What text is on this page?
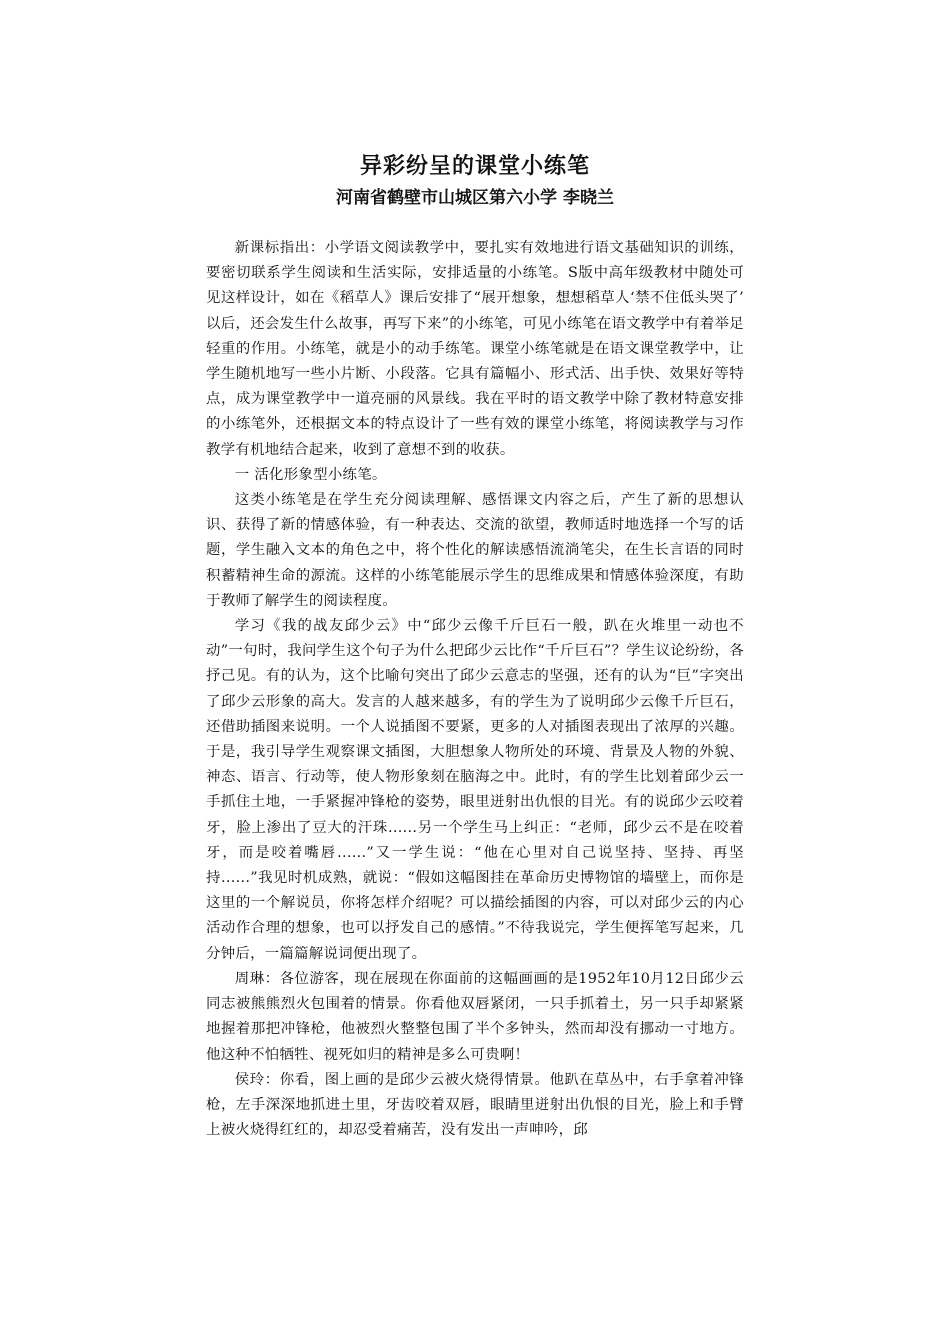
异彩纷呈的课堂小练笔
河南省鹤壁市山城区第六小学 李晓兰

新课标指出：小学语文阅读教学中，要扎实有效地进行语文基础知识的训练，要密切联系学生阅读和生活实际，安排适量的小练笔。S版中高年级教材中随处可见这样设计，如在《稻草人》课后安排了“展开想象，想想稻草人‘禁不住低头哭了’　以后，还会发生什么故事，再写下来”的小练笔，可见小练笔在语文教学中有着举足轻重的作用。小练笔，就是小的动手练笔。课堂小练笔就是在语文课堂教学中，让学生随机地写一些小片断、小段落。它具有篇幅小、形式活、出手快、效果好等特点，成为课堂教学中一道亮丽的风景线。我在平时的语文教学中除了教材特意安排的小练笔外，还根据文本的特点设计了一些有效的课堂小练笔，将阅读教学与习作教学有机地结合起来，收到了意想不到的收获。

一 活化形象型小练笔。

这类小练笔是在学生充分阅读理解、感悟课文内容之后，产生了新的思想认识、获得了新的情感体验，有一种表达、交流的欲望，教师适时地选择一个写的话题，学生融入文本的角色之中，将个性化的解读感悟流淌笔尖，在生长言语的同时积蓄精神生命的源流。这样的小练笔能展示学生的思维成果和情感体验深度，有助于教师了解学生的阅读程度。

学习《我的战友邱少云》中“邱少云像千斤巨石一般，趴在火堆里一动也不动”一句时，我问学生这个句子为什么把邱少云比作“千斤巨石”？学生议论纷纷，各抒己见。有的认为，这个比喻句突出了邱少云意志的坚强，还有的认为“巨”字突出了邱少云形象的高大。发言的人越来越多，有的学生为了说明邱少云像千斤巨石，还借助插图来说明。一个人说插图不要紧，更多的人对插图表现出了浓厚的兴趣。于是，我引导学生观察课文插图，大胆想象人物所处的环境、背景及人物的外貌、神态、语言、行动等，使人物形象刻在脑海之中。此时，有的学生比划着邱少云一手抓住土地，一手紧握冲锋枪的姿势，眼里迸射出仇恨的目光。有的说邱少云咬着牙，脸上渗出了豆大的汗珠......另一个学生马上纠正：“老师，邱少云不是在咬着牙，而是咬着嘴唇......”又一学生说：“他在心里对自己说坚持、坚持、再坚持......”我见时机成熟，就说：“假如这幅图挂在革命历史博物馆的墙壁上，而你是这里的一个解说员，你将怎样介绍呢？可以描绘插图的内容，可以对邱少云的内心活动作合理的想象，也可以抒发自己的感情。”不待我说完，学生便挥笔写起来，几分钟后，一篇篇解说词便出现了。

周琳：各位游客，现在展现在你面前的这幅画画的是1952年10月12日邱少云同志被熊熊烈火包围着的情景。你看他双唇紧闭，一只手抓着土，另一只手却紧紧地握着那把冲锋枪，他被烈火整整包围了半个多钟头，然而却没有挪动一寸地方。他这种不怕牺牲、视死如归的精神是多么可贵啊！

侯玲：你看，图上画的是邱少云被火烧得情景。他趴在草丛中，右手拿着冲锋枪，左手深深地抓进土里，牙齿咬着双唇，眼睛里迸射出仇恨的目光，脸上和手臂上被火烧得红红的，却忍受着痛苦，没有发出一声呻吟，邱
